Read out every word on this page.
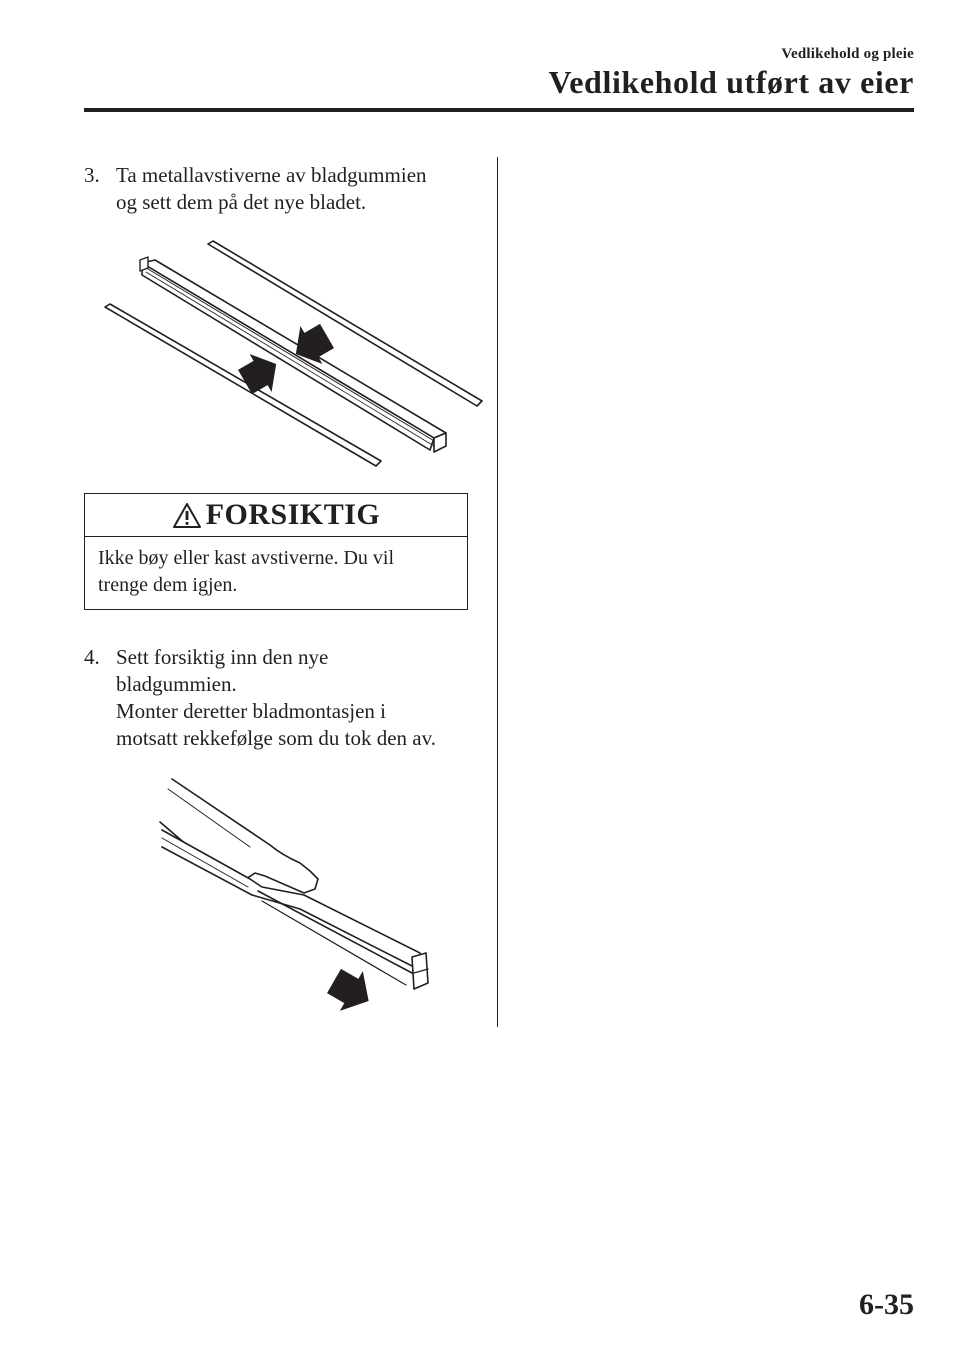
Vedlikehold og pleie
Vedlikehold utført av eier
3. Ta metallavstiverne av bladgummien
og sett dem på det nye bladet.
FORSIKTIG
Ikke bøy eller kast avstiverne. Du vil
trenge dem igjen.
4. Sett forsiktig inn den nye
bladgummien.
Monter deretter bladmontasjen i
motsatt rekkefølge som du tok den av.
6-35
